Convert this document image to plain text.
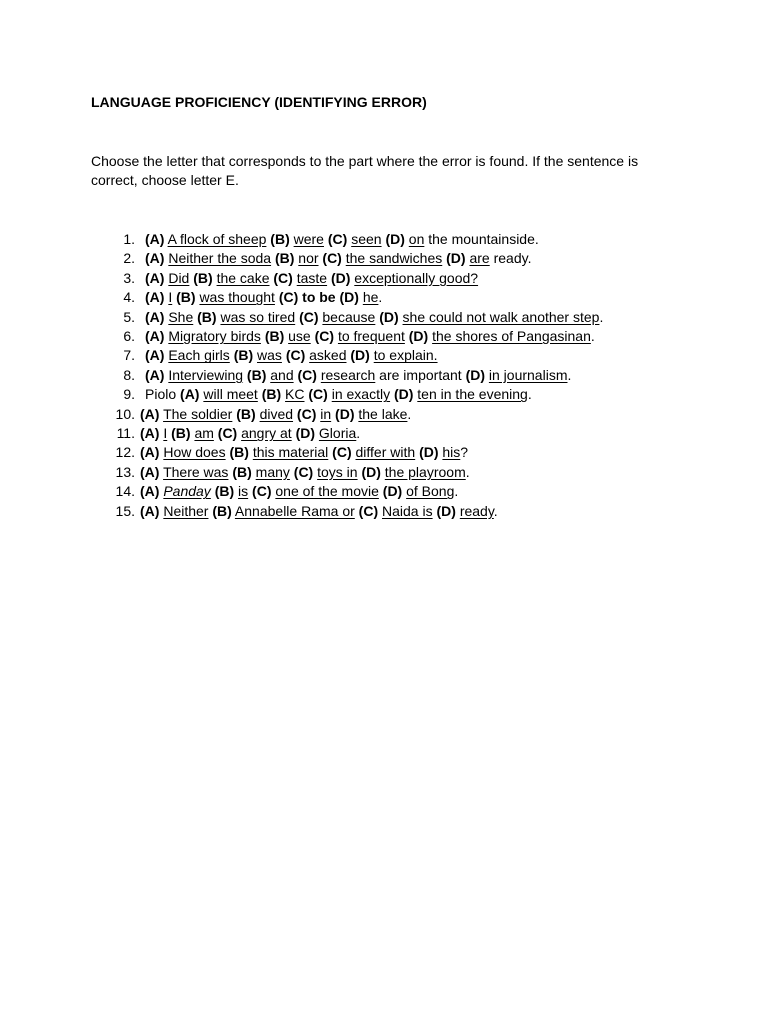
LANGUAGE PROFICIENCY (IDENTIFYING ERROR)

Choose the letter that corresponds to the part where the error is found. If the sentence is correct, choose letter E.

1. (A) A flock of sheep (B) were (C) seen (D) on the mountainside.
2. (A) Neither the soda (B) nor (C) the sandwiches (D) are ready.
3. (A) Did (B) the cake (C) taste (D) exceptionally good?
4. (A) I (B) was thought (C) to be (D) he.
5. (A) She (B) was so tired (C) because (D) she could not walk another step.
6. (A) Migratory birds (B) use (C) to frequent (D) the shores of Pangasinan.
7. (A) Each girls (B) was (C) asked (D) to explain.
8. (A) Interviewing (B) and (C) research are important (D) in journalism.
9. Piolo (A) will meet (B) KC (C) in exactly (D) ten in the evening.
10. (A) The soldier (B) dived (C) in (D) the lake.
11. (A) I (B) am (C) angry at (D) Gloria.
12. (A) How does (B) this material (C) differ with (D) his?
13. (A) There was (B) many (C) toys in (D) the playroom.
14. (A) Panday (B) is (C) one of the movie (D) of Bong.
15. (A) Neither (B) Annabelle Rama or (C) Naida is (D) ready.
